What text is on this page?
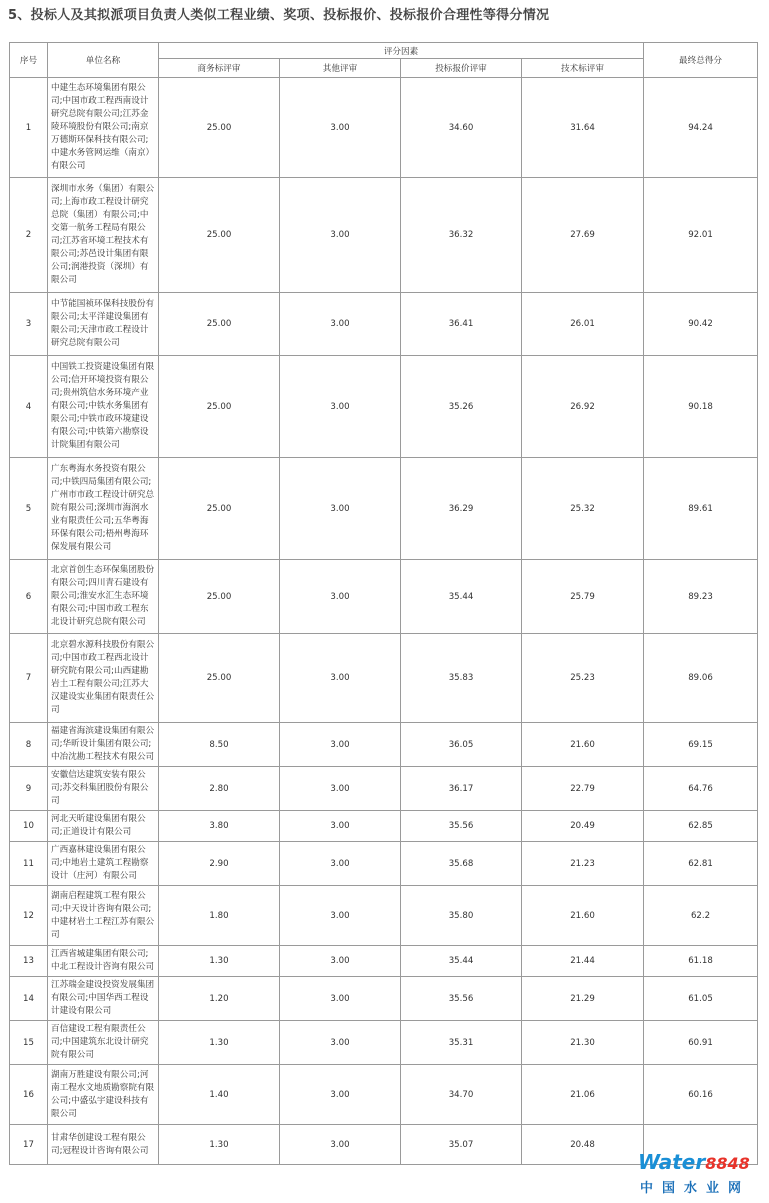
5、投标人及其拟派项目负责人类似工程业绩、奖项、投标报价、投标报价合理性等得分情况
序号	单位名称	评分因素				最终总得分
		商务标评审	其他评审	投标报价评审	技术标评审	
1	中建生态环境集团有限公司;中国市政工程西南设计研究总院有限公司;江苏金陵环境股份有限公司;南京万德斯环保科技有限公司;中建水务管网运维（南京）有限公司	25.00	3.00	34.60	31.64	94.24
2	深圳市水务（集团）有限公司;上海市政工程设计研究总院（集团）有限公司;中交第一航务工程局有限公司;江苏省环境工程技术有限公司;苏邑设计集团有限公司;润港投资（深圳）有限公司	25.00	3.00	36.32	27.69	92.01
3	中节能国祯环保科技股份有限公司;太平洋建设集团有限公司;天津市政工程设计研究总院有限公司	25.00	3.00	36.41	26.01	90.42
4	中国铁工投资建设集团有限公司;信开环境投资有限公司;贵州筑信水务环境产业有限公司;中铁水务集团有限公司;中铁市政环境建设有限公司;中铁第六勘察设计院集团有限公司	25.00	3.00	35.26	26.92	90.18
5	广东粤海水务投资有限公司;中铁四局集团有限公司;广州市市政工程设计研究总院有限公司;深圳市海润水业有限责任公司;五华粤海环保有限公司;梧州粤海环保发展有限公司	25.00	3.00	36.29	25.32	89.61
6	北京首创生态环保集团股份有限公司;四川青石建设有限公司;淮安水汇生态环境有限公司;中国市政工程东北设计研究总院有限公司	25.00	3.00	35.44	25.79	89.23
7	北京碧水源科技股份有限公司;中国市政工程西北设计研究院有限公司;山西建勘岩土工程有限公司;江苏大汉建设实业集团有限责任公司	25.00	3.00	35.83	25.23	89.06
8	福建省海滨建设集团有限公司;华昕设计集团有限公司;中冶沈勘工程技术有限公司	8.50	3.00	36.05	21.60	69.15
9	安徽信达建筑安装有限公司;苏交科集团股份有限公司	2.80	3.00	36.17	22.79	64.76
10	河北天昕建设集团有限公司;正道设计有限公司	3.80	3.00	35.56	20.49	62.85
11	广西嘉林建设集团有限公司;中地岩土建筑工程勘察设计（庄河）有限公司	2.90	3.00	35.68	21.23	62.81
12	湖南启程建筑工程有限公司;中天设计咨询有限公司;中建材岩土工程江苏有限公司	1.80	3.00	35.80	21.60	62.2
13	江西省城建集团有限公司;中北工程设计咨询有限公司	1.30	3.00	35.44	21.44	61.18
14	江苏瑞金建设投资发展集团有限公司;中国华西工程设计建设有限公司	1.20	3.00	35.56	21.29	61.05
15	百信建设工程有限责任公司;中国建筑东北设计研究院有限公司	1.30	3.00	35.31	21.30	60.91
16	湖南万胜建设有限公司;河南工程水文地质勘察院有限公司;中盛弘宇建设科技有限公司	1.40	3.00	34.70	21.06	60.16
17	甘肃华创建设工程有限公司;冠程设计咨询有限公司	1.30	3.00	35.07	20.48	
Water8848
中国水业网
